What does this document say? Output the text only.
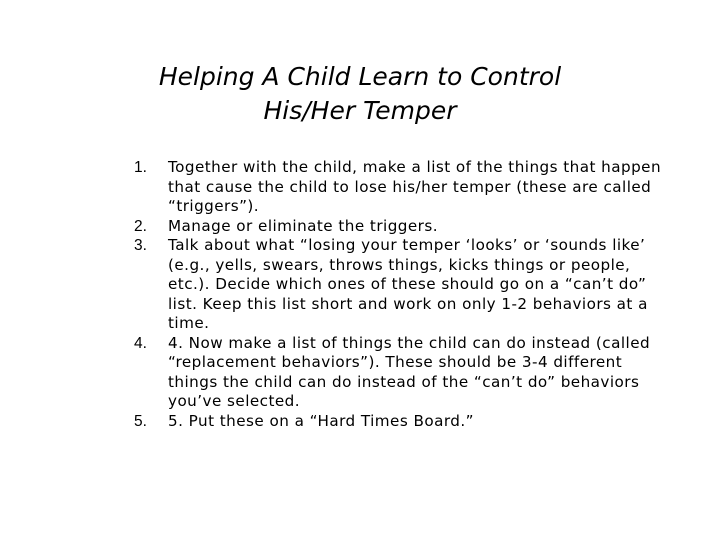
Helping A Child Learn to Control
His/Her Temper
1. Together with the child, make a list of the things that happen that cause the child to lose his/her temper (these are called “triggers”).
2. Manage or eliminate the triggers.
3. Talk about what “losing your temper ‘looks’ or ‘sounds like’ (e.g., yells, swears, throws things, kicks things or people, etc.). Decide which ones of these should go on a “can’t do” list. Keep this list short and work on only 1-2 behaviors at a time.
4. 4. Now make a list of things the child can do instead (called “replacement behaviors”). These should be 3-4 different things the child can do instead of the “can’t do” behaviors you’ve selected.
5. 5. Put these on a “Hard Times Board.”
